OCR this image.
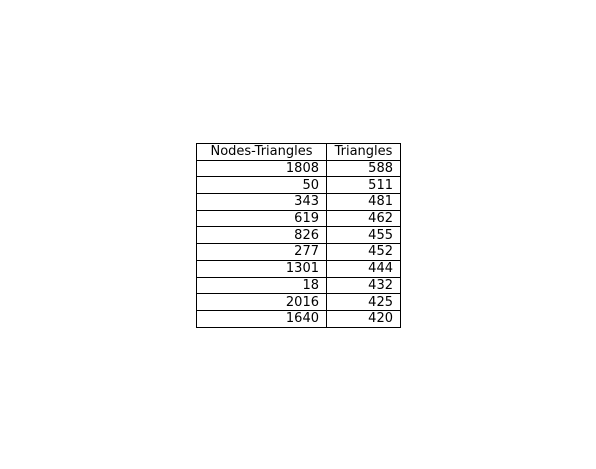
Nodes-Triangles	Triangles
1808	588
50	511
343	481
619	462
826	455
277	452
1301	444
18	432
2016	425
1640	420
